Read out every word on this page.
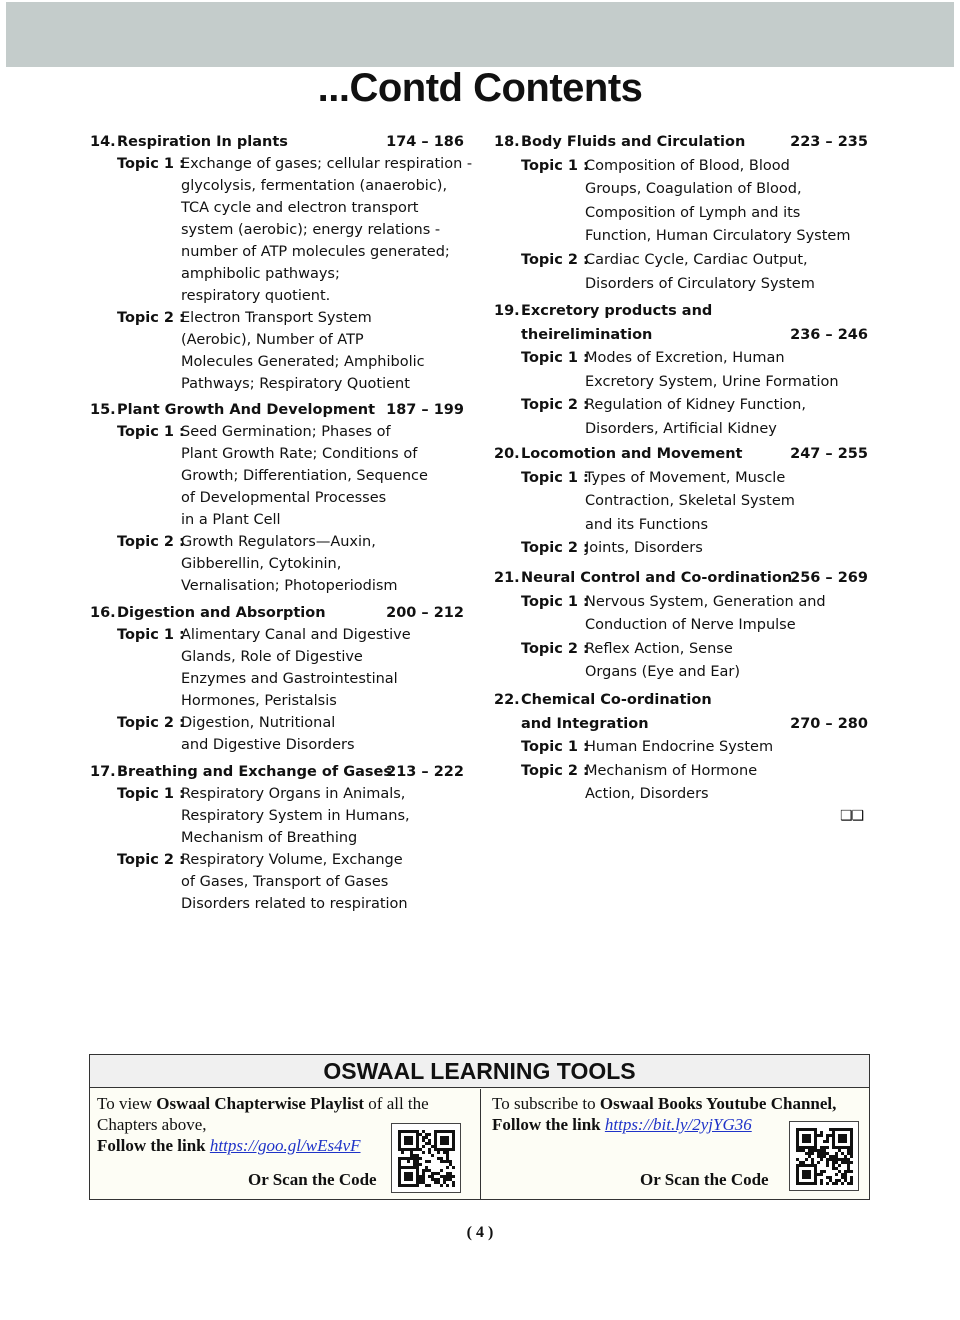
...Contd Contents
14. Respiration In plants	174 – 186
Topic 1 :
Exchange of gases; cellular respiration -
glycolysis, fermentation (anaerobic),
TCA cycle and electron transport
system (aerobic); energy relations -
number of ATP molecules generated;
amphibolic pathways;
respiratory quotient.
Topic 2 :
Electron Transport System
(Aerobic), Number of ATP
Molecules Generated; Amphibolic
Pathways; Respiratory Quotient
15. Plant Growth And Development 187 – 199
Topic 1 :
Seed Germination; Phases of
Plant Growth Rate; Conditions of
Growth; Differentiation, Sequence
of Developmental Processes
in a Plant Cell
Topic 2 :
Growth Regulators—Auxin,
Gibberellin, Cytokinin,
Vernalisation; Photoperiodism
16. Digestion and Absorption	200 – 212
Topic 1 :
Alimentary Canal and Digestive
Glands, Role of Digestive
Enzymes and Gastrointestinal
Hormones, Peristalsis
Topic 2 :
Digestion, Nutritional
and Digestive Disorders
17. Breathing and Exchange of Gases
213 – 222
Topic 1 :
Respiratory Organs in Animals,
Respiratory System in Humans,
Mechanism of Breathing
Topic 2 :
Respiratory Volume, Exchange
of Gases, Transport of Gases
Disorders related to respiration
18. Body Fluids and Circulation	223 – 235
Topic 1 :
Composition of Blood, Blood
Groups, Coagulation of Blood,
Composition of Lymph and its
Function, Human Circulatory System
Topic 2 :
Cardiac Cycle, Cardiac Output,
Disorders of Circulatory System
19. Excretory products and
theirelimination	236 – 246
Topic 1 :
Modes of Excretion, Human
Excretory System, Urine Formation
Topic 2 :
Regulation of Kidney Function,
Disorders, Artificial Kidney
20. Locomotion and Movement	247 – 255
Topic 1 :
Types of Movement, Muscle
Contraction, Skeletal System
and its Functions
Topic 2 :
Joints, Disorders
21. Neural Control and Co-ordination
256 – 269
Topic 1 :
Nervous System, Generation and
Conduction of Nerve Impulse
Topic 2 :
Reflex Action, Sense
Organs (Eye and Ear)
22. Chemical Co-ordination
and Integration	270 – 280
Topic 1 :
Human Endocrine System
Topic 2 :
Mechanism of Hormone
Action, Disorders
❑❑
OSWAAL LEARNING TOOLS
To view Oswaal Chapterwise Playlist of all the
Chapters above,
Follow the link https://goo.gl/wEs4vF
Or Scan the Code
To subscribe to Oswaal Books Youtube Channel,
Follow the link https://bit.ly/2yjYG36
Or Scan the Code
( 4 )
